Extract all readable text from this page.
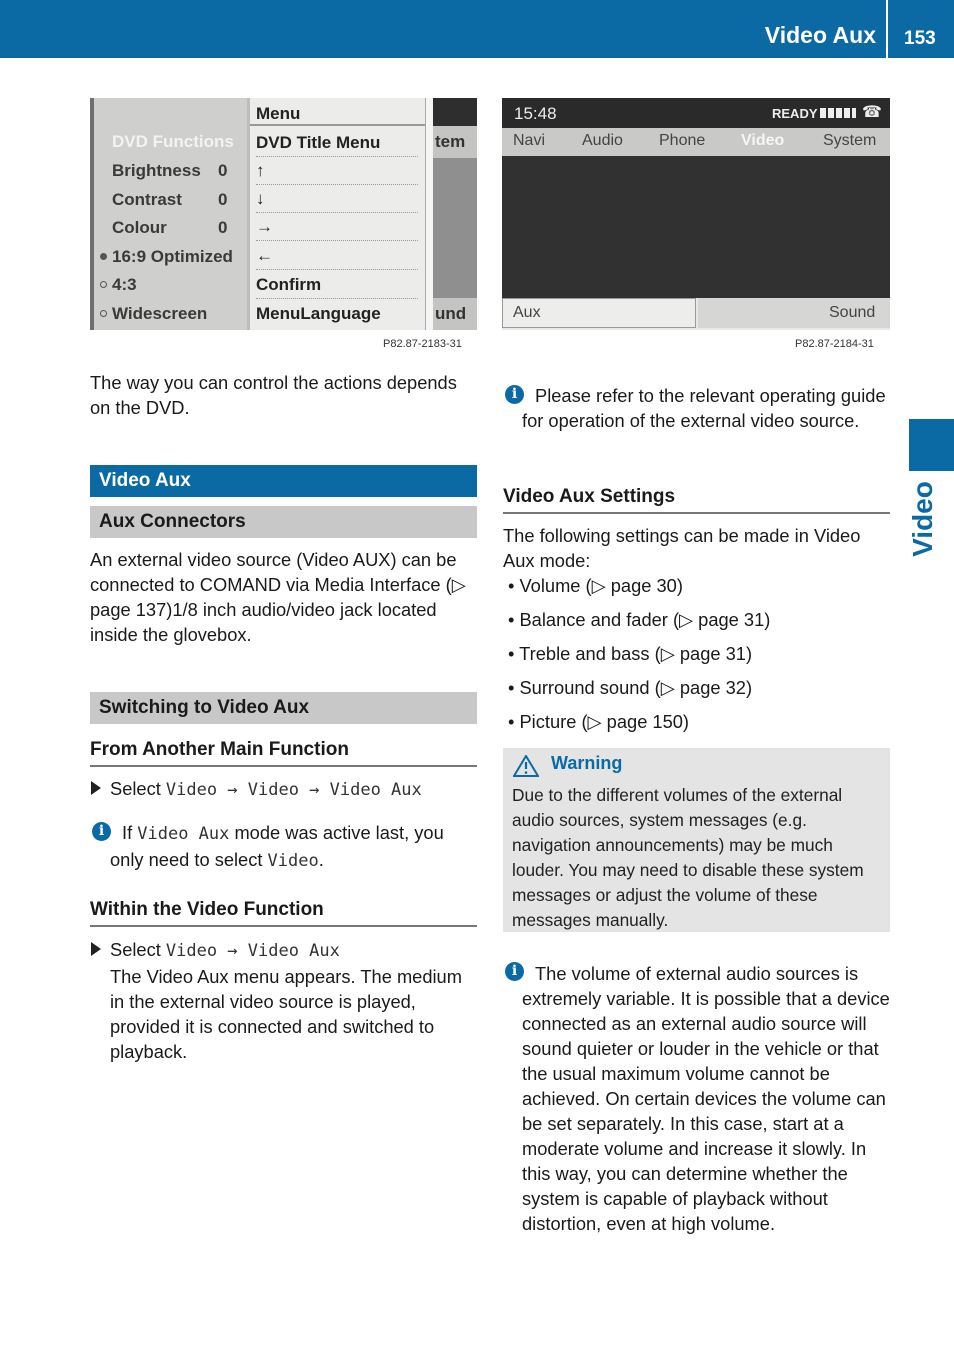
Video Aux 153
Video
DVD Functions
Brightness 0
Contrast 0
Colour	0
16:9 Optimized
4:3
Widescreen
Menu
DVD Title Menu
↑
↓
→
←
Confirm
MenuLanguage
tem
und
P82.87-2183-31
15:48	READY	☎
Navi Audio Phone Video System
Aux	Sound
P82.87-2184-31

The way you can control the actions depends on the DVD.

Video Aux
Aux Connectors

An external video source (Video AUX) can be connected to COMAND via Media Interface (▷ page 137)1/8 inch audio/video jack located inside the glovebox.

Switching to Video Aux
From Another Main Function

Select Video → Video → Video Aux

i If Video Aux mode was active last, you only need to select Video.

Within the Video Function

Select Video → Video Aux

The Video Aux menu appears. The medium in the external video source is played, provided it is connected and switched to playback.

i Please refer to the relevant operating guide for operation of the external video source.

Video Aux Settings

The following settings can be made in Video Aux mode:

• Volume (▷ page 30)

• Balance and fader (▷ page 31)

• Treble and bass (▷ page 31)

• Surround sound (▷ page 32)

• Picture (▷ page 150)

Warning

Due to the different volumes of the external audio sources, system messages (e.g. navigation announcements) may be much louder. You may need to disable these system messages or adjust the volume of these messages manually.

i The volume of external audio sources is extremely variable. It is possible that a device connected as an external audio source will sound quieter or louder in the vehicle or that the usual maximum volume cannot be achieved. On certain devices the volume can be set separately. In this case, start at a moderate volume and increase it slowly. In this way, you can determine whether the system is capable of playback without distortion, even at high volume.
